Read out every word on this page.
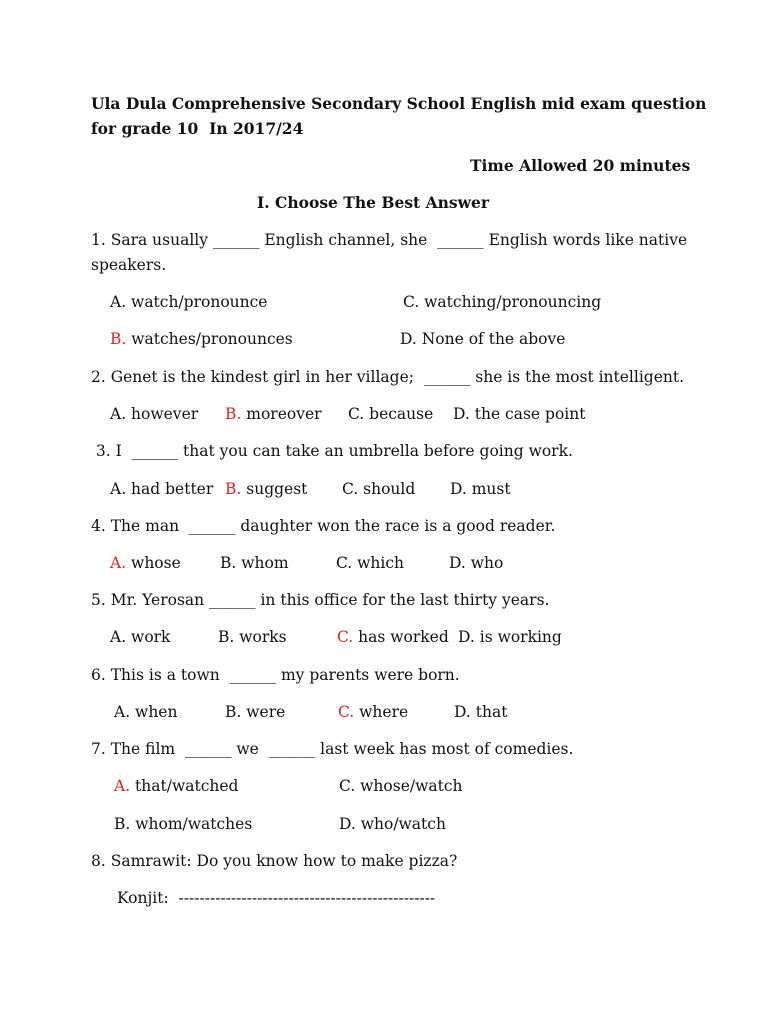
Ula Dula Comprehensive Secondary School English mid exam question
for grade 10  In 2017/24
Time Allowed 20 minutes
I. Choose The Best Answer
1. Sara usually ______ English channel, she  ______ English words like native
speakers.
A. watch/pronounce	C. watching/pronouncing
B. watches/pronounces	D. None of the above
2. Genet is the kindest girl in her village;  ______ she is the most intelligent.
A. however B. moreover C. because D. the case point
3. I  ______ that you can take an umbrella before going work.
A. had better B. suggest C. should D. must
4. The man  ______ daughter won the race is a good reader.
A. whose	B. whom	C. which	D. who
5. Mr. Yerosan ______ in this office for the last thirty years.
A. work	B. works	C. has worked D. is working
6. This is a town  ______ my parents were born.
A. when	B. were	C. where	D. that
7. The film  ______ we  ______ last week has most of comedies.
A. that/watched	C. whose/watch
B. whom/watches	D. who/watch
8. Samrawit: Do you know how to make pizza?
Konjit:  -------------------------------------------------
